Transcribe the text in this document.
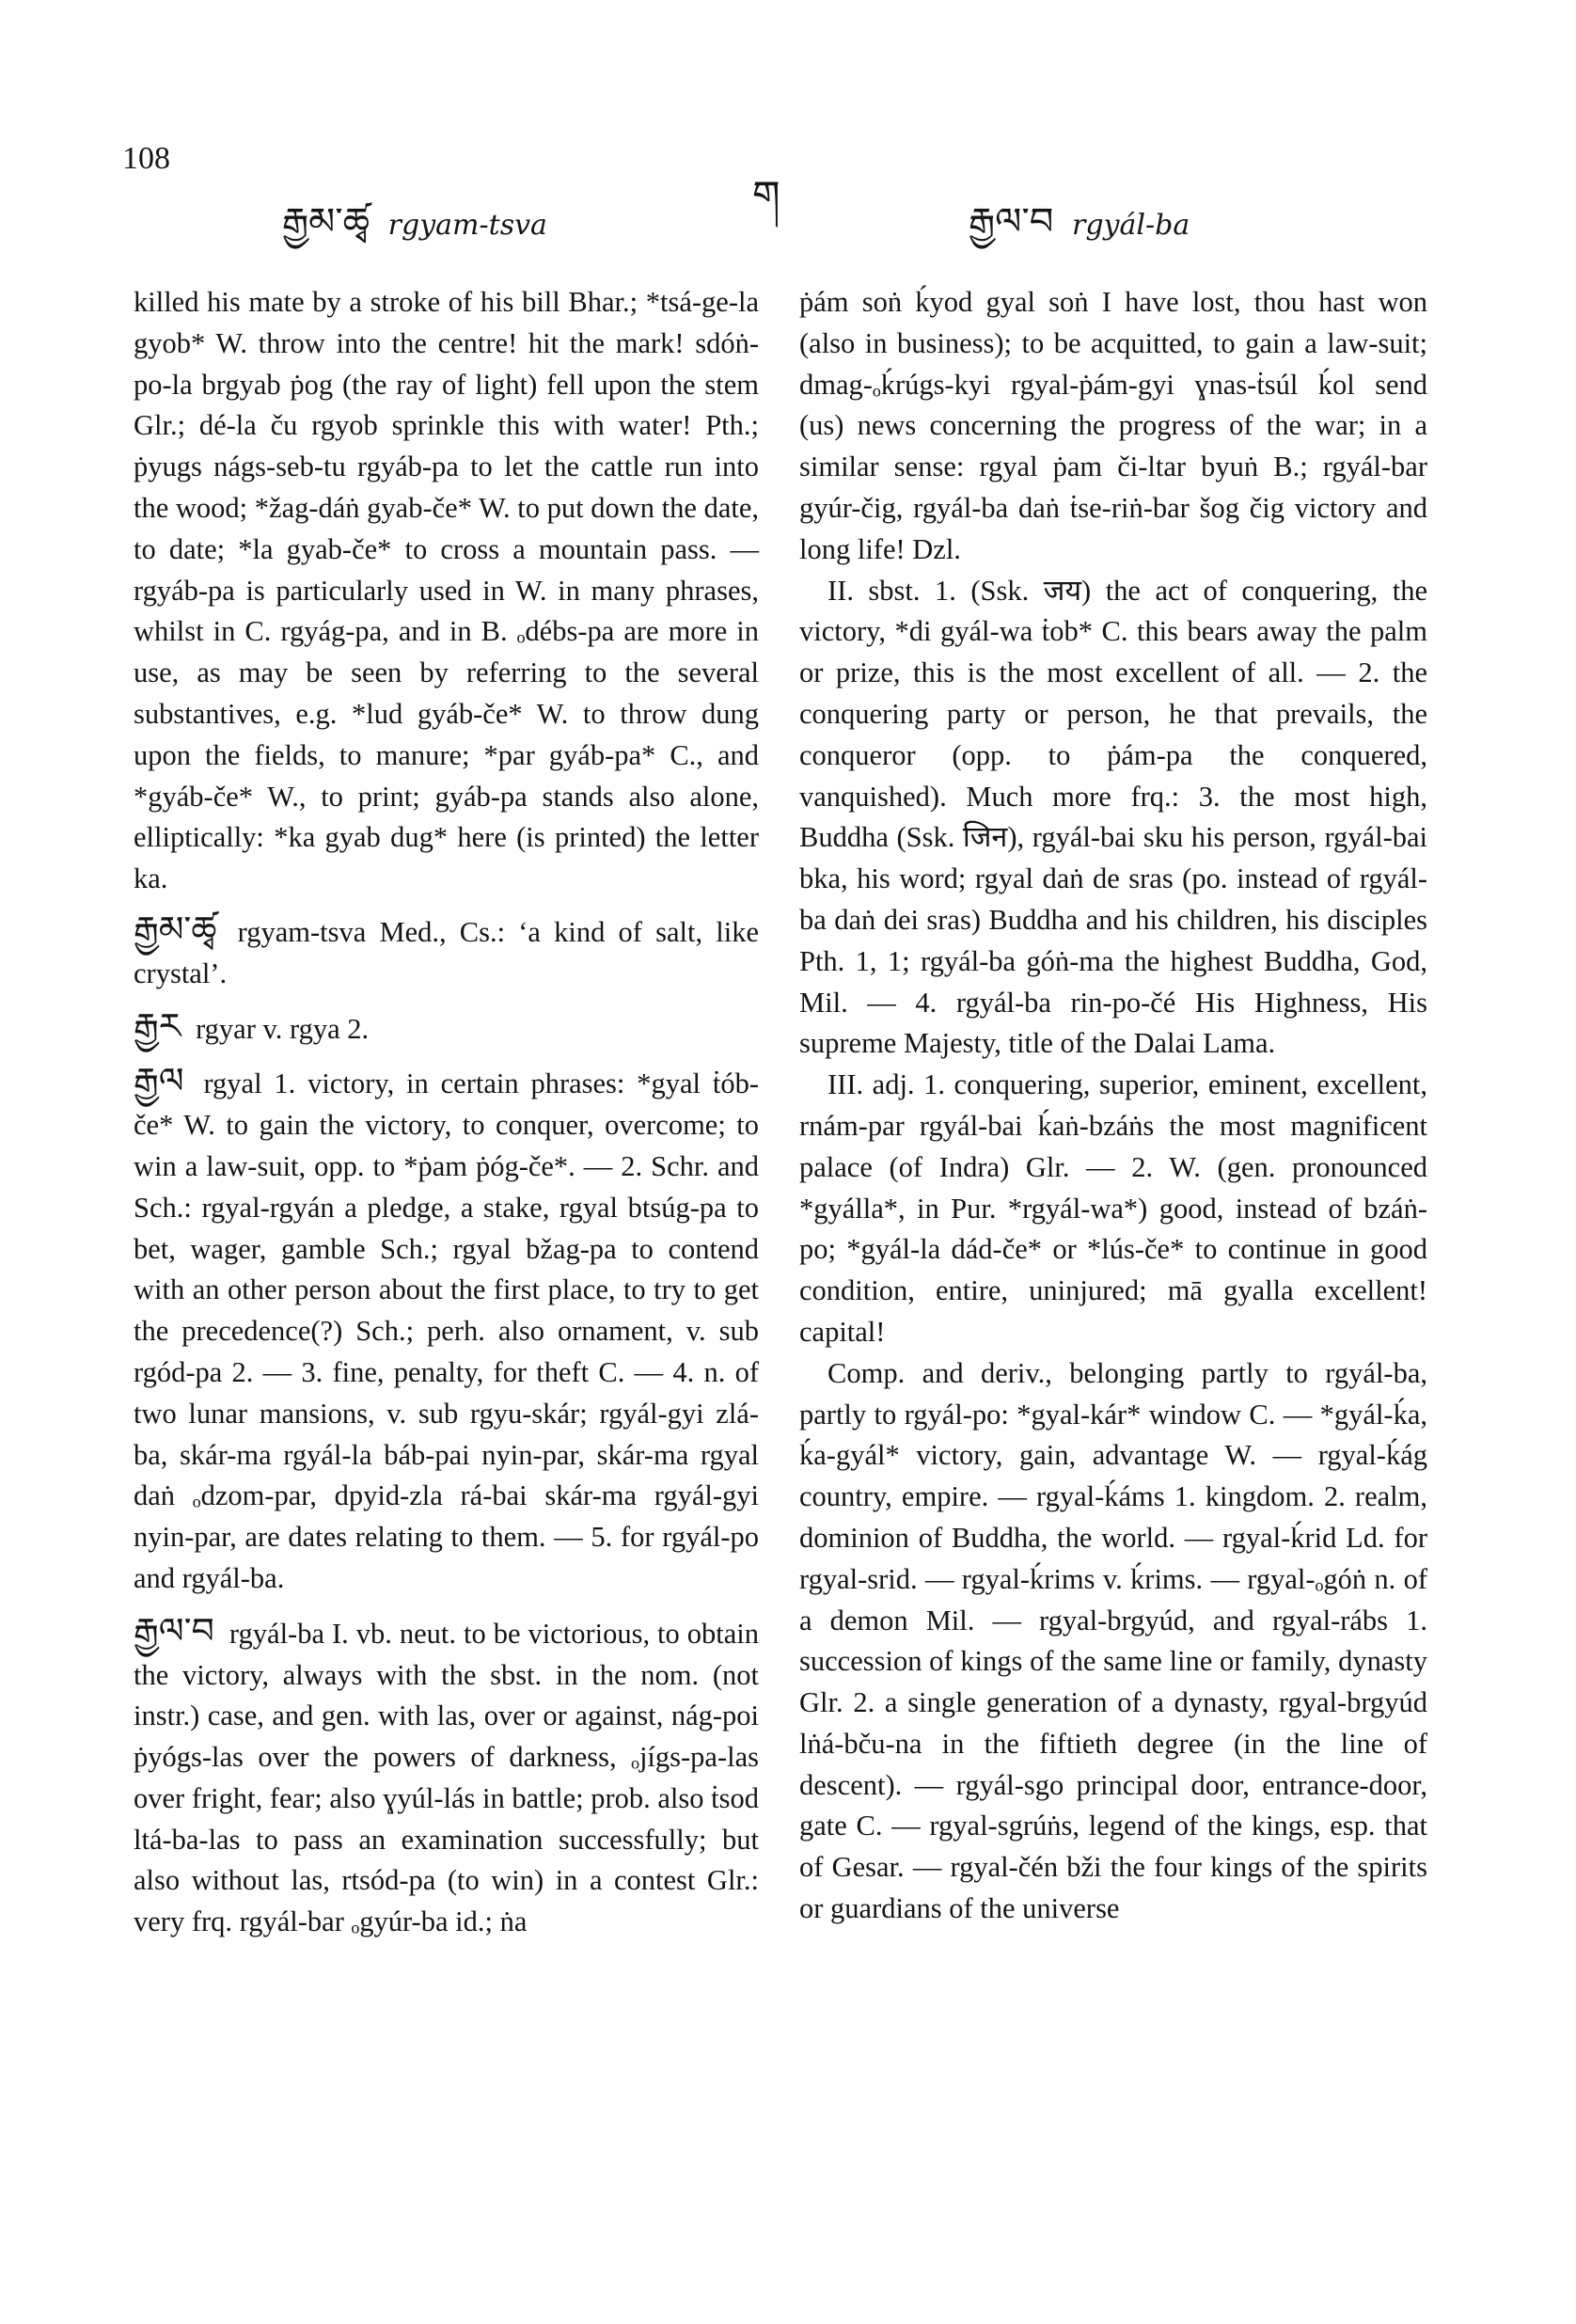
108
རྒྱམ་ཚྭ rgyam-tsva
ག
རྒྱལ་བ rgyál-ba

killed his mate by a stroke of his bill Bhar.; *tsá-ge-la gyob* W. throw into the centre! hit the mark! sdóṅ-po-la brgyab ṗog (the ray of light) fell upon the stem Glr.; dé-la ču rgyob sprinkle this with water! Pth.; ṗyugs nágs-seb-tu rgyáb-pa to let the cattle run into the wood; *žag-dáṅ gyab-če* W. to put down the date, to date; *la gyab-če* to cross a mountain pass. — rgyáb-pa is particularly used in W. in many phrases, whilst in C. rgyág-pa, and in B. ₒdébs-pa are more in use, as may be seen by referring to the several substantives, e.g. *lud gyáb-če* W. to throw dung upon the fields, to manure; *par gyáb-pa* C., and *gyáb-če* W., to print; gyáb-pa stands also alone, elliptically: *ka gyab dug* here (is printed) the letter ka.

རྒྱམ་ཚྭ rgyam-tsva Med., Cs.: ‘a kind of salt, like crystal’.

རྒྱར rgyar v. rgya 2.

རྒྱལ rgyal 1. victory, in certain phrases: *gyal ṫób-če* W. to gain the victory, to conquer, overcome; to win a law-suit, opp. to *ṗam ṗóg-če*. — 2. Schr. and Sch.: rgyal-rgyán a pledge, a stake, rgyal btsúg-pa to bet, wager, gamble Sch.; rgyal bžag-pa to contend with an other person about the first place, to try to get the precedence(?) Sch.; perh. also ornament, v. sub rgód-pa 2. — 3. fine, penalty, for theft C. — 4. n. of two lunar mansions, v. sub rgyu-skár; rgyál-gyi zlá-ba, skár-ma rgyál-la báb-pai nyin-par, skár-ma rgyal daṅ ₒdzom-par, dpyid-zla rá-bai skár-ma rgyál-gyi nyin-par, are dates relating to them. — 5. for rgyál-po and rgyál-ba.

རྒྱལ་བ rgyál-ba I. vb. neut. to be victorious, to obtain the victory, always with the sbst. in the nom. (not instr.) case, and gen. with las, over or against, nág-poi ṗyógs-las over the powers of darkness, ₒjígs-pa-las over fright, fear; also ɣyúl-lás in battle; prob. also ṫsod ltá-ba-las to pass an examination successfully; but also without las, rtsód-pa (to win) in a contest Glr.: very frq. rgyál-bar ₒgyúr-ba id.; ṅa

ṗám soṅ ḱyod gyal soṅ I have lost, thou hast won (also in business); to be acquitted, to gain a law-suit; dmag-ₒḱrúgs-kyi rgyal-ṗám-gyi ɣnas-ṫsúl ḱol send (us) news concerning the progress of the war; in a similar sense: rgyal ṗam či-ltar byuṅ B.; rgyál-bar gyúr-čig, rgyál-ba daṅ ṫse-riṅ-bar šog čig victory and long life! Dzl.

II. sbst. 1. (Ssk. जय) the act of conquering, the victory, *di gyál-wa ṫob* C. this bears away the palm or prize, this is the most excellent of all. — 2. the conquering party or person, he that prevails, the conqueror (opp. to ṗám-pa the conquered, vanquished). Much more frq.: 3. the most high, Buddha (Ssk. जिन), rgyál-bai sku his person, rgyál-bai bka, his word; rgyal daṅ de sras (po. instead of rgyál-ba daṅ dei sras) Buddha and his children, his disciples Pth. 1, 1; rgyál-ba góṅ-ma the highest Buddha, God, Mil. — 4. rgyál-ba rin-po-čé His Highness, His supreme Majesty, title of the Dalai Lama.

III. adj. 1. conquering, superior, eminent, excellent, rnám-par rgyál-bai ḱaṅ-bzáṅs the most magnificent palace (of Indra) Glr. — 2. W. (gen. pronounced *gyálla*, in Pur. *rgyál-wa*) good, instead of bzáṅ-po; *gyál-la dád-če* or *lús-če* to continue in good condition, entire, uninjured; mā gyalla excellent! capital!

Comp. and deriv., belonging partly to rgyál-ba, partly to rgyál-po: *gyal-kár* window C. — *gyál-ḱa, ḱa-gyál* victory, gain, advantage W. — rgyal-ḱág country, empire. — rgyal-ḱáms 1. kingdom. 2. realm, dominion of Buddha, the world. — rgyal-ḱrid Ld. for rgyal-srid. — rgyal-ḱrims v. ḱrims. — rgyal-ₒgóṅ n. of a demon Mil. — rgyal-brgyúd, and rgyal-rábs 1. succession of kings of the same line or family, dynasty Glr. 2. a single generation of a dynasty, rgyal-brgyúd lṅá-bču-na in the fiftieth degree (in the line of descent). — rgyál-sgo principal door, entrance-door, gate C. — rgyal-sgrúṅs, legend of the kings, esp. that of Gesar. — rgyal-čén bži the four kings of the spirits or guardians of the universe
